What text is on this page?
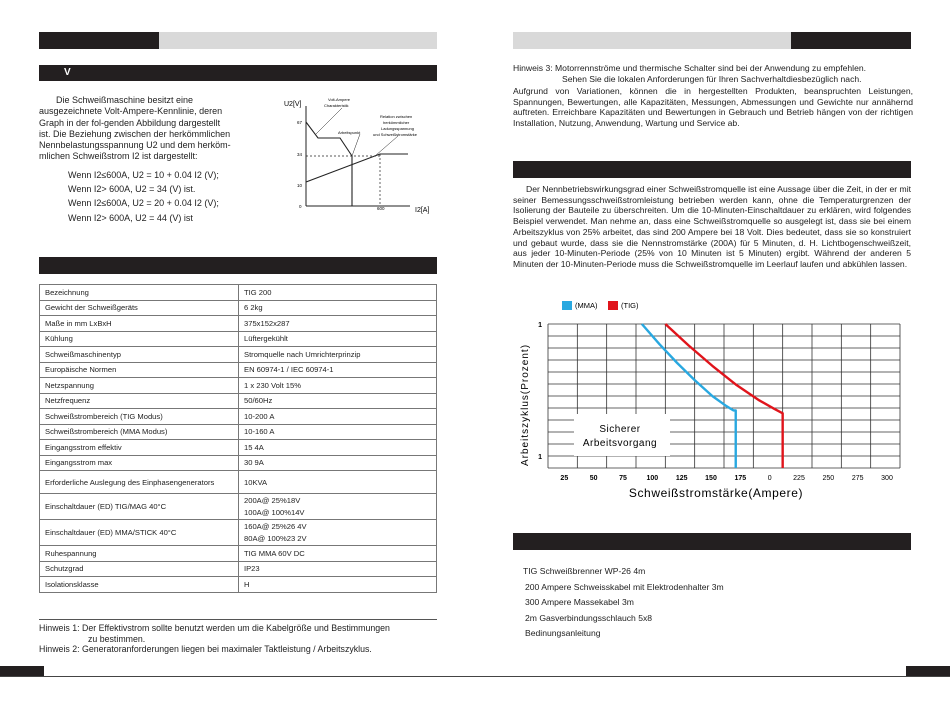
V
Die Schweißmaschine besitzt eine
ausgezeichnete Volt-Ampere-Kennlinie, deren
Graph in der fol-genden Abbildung dargestellt
ist. Die Beziehung zwischen der herkömmlichen
Nennbelastungsspannung U2 und dem herköm-
mlichen Schweißstrom I2 ist dargestellt:
Wenn I2≤600A, U2 = 10 + 0.04 I2 (V);
Wenn I2> 600A, U2 = 34 (V) ist.
Wenn I2≤600A, U2 = 20 + 0.04 I2 (V);
Wenn I2> 600A, U2 = 44 (V) ist
U2[V]
I2[A]
67
34
10
0	600
Volt-Ampere
Charakteristik
Arbeitspunkt
Relation zwischen
herkömmlicher
Ladungsspannung
und Schweißstromstärke
Bezeichnung	TIG 200
Gewicht der Schweißgeräts	6 2kg
Maße in mm LxBxH	375x152x287
Kühlung	Lüftergekühlt
Schweißmaschinentyp	Stromquelle nach Umrichterprinzip
Europäische Normen	EN 60974-1 / IEC 60974-1
Netzspannung	1 x 230 Volt 15%
Netzfrequenz	50/60Hz
Schweißstrombereich (TIG Modus)	10-200 A
Schweißstrombereich (MMA Modus)	10-160 A
Eingangsstrom effektiv	15 4A
Eingangsstrom max	30 9A
Erforderliche Auslegung des Einphasengenerators	10KVA
Einschaltdauer (ED) TIG/MAG 40°C	200A@ 25%18V
100A@ 100%14V

Einschaltdauer (ED) MMA/STICK 40°C	160A@ 25%26 4V
80A@ 100%23 2V

Ruhespannung	TIG MMA 60V DC
Schutzgrad	IP23
Isolationsklasse	H
Hinweis 1: Der Effektivstrom sollte benutzt werden um die Kabelgröße und Bestimmungen
zu bestimmen.
Hinweis 2: Generatoranforderungen liegen bei maximaler Taktleistung / Arbeitszyklus.
Hinweis 3: Motorrennströme und thermische Schalter sind bei der Anwendung zu empfehlen.
Sehen Sie die lokalen Anforderungen für Ihren Sachverhaltdiesbezüglich nach.
Aufgrund von Variationen, können die in hergestellten Produkten, beanspruchten Leistungen, Spannungen, Bewertungen, alle Kapazitäten, Messungen, Abmessungen und Gewichte nur annähernd auftreten. Erreichbare Kapazitäten und Bewertungen in Gebrauch und Betrieb hängen von der richtigen Installation, Nutzung, Anwendung, Wartung und Service ab.
Der Nennbetriebswirkungsgrad einer Schweißstromquelle ist eine Aussage über die Zeit, in der er mit seiner Bemessungsschweißstromleistung betrieben werden kann, ohne die Temperaturgrenzen der Isolierung der Bauteile zu überschreiten. Um die 10-Minuten-Einschaltdauer zu erklären, wird folgendes Beispiel verwendet. Man nehme an, dass eine Schweißstromquelle so ausgelegt ist, dass sie bei einem Arbeitszyklus von 25% arbeitet, das sind 200 Ampere bei 18 Volt. Dies bedeutet, dass sie so konstruiert und gebaut wurde, dass sie die Nennstromstärke (200A) für 5 Minuten, d. H. Lichtbogenschweißzeit, aus jeder 10-Minuten-Periode (25% von 10 Minuten ist 5 Minuten) ergibt. Während der anderen 5 Minuten der 10-Minuten-Periode muss die Schweißstromquelle im Leerlauf laufen und abkühlen lassen.
(MMA)	(TIG)
1
1
25	50	75	100	125	150	175	0	225	250	275	300
Sicherer
Arbeitsvorgang
Arbeitszyklus(Prozent)
Schweißstromstärke(Ampere)
TIG Schweißbrenner WP-26 4m
200 Ampere Schweisskabel mit Elektrodenhalter 3m
300 Ampere Massekabel 3m
2m Gasverbindungsschlauch 5x8
Bedinungsanleitung
